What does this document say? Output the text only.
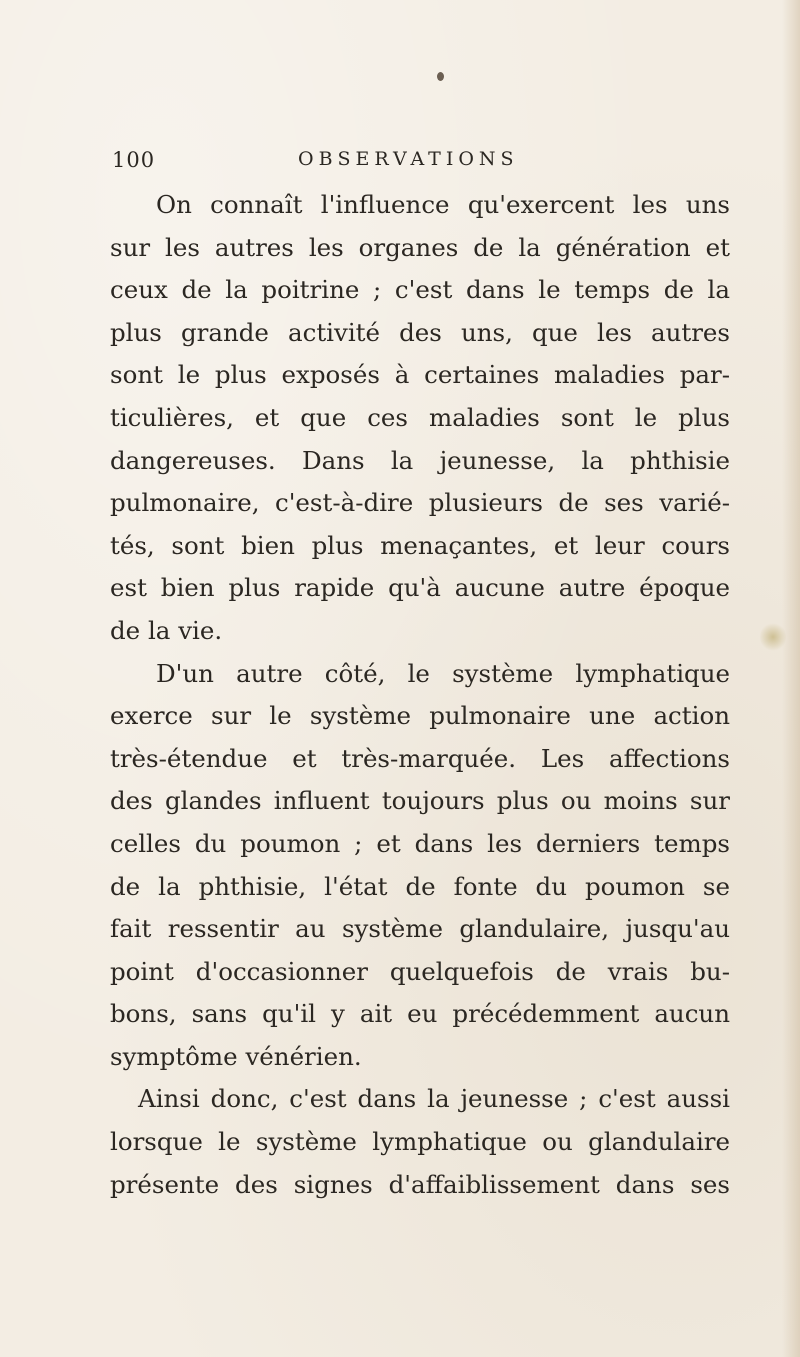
100	OBSERVATIONS
On connaît l'influence qu'exercent les uns
sur les autres les organes de la génération et
ceux de la poitrine ; c'est dans le temps de la
plus grande activité des uns, que les autres
sont le plus exposés à certaines maladies par-
ticulières, et que ces maladies sont le plus
dangereuses. Dans la jeunesse, la phthisie
pulmonaire, c'est-à-dire plusieurs de ses varié-
tés, sont bien plus menaçantes, et leur cours
est bien plus rapide qu'à aucune autre époque
de la vie.
D'un autre côté, le système lymphatique
exerce sur le système pulmonaire une action
très-étendue et très-marquée. Les affections
des glandes influent toujours plus ou moins sur
celles du poumon ; et dans les derniers temps
de la phthisie, l'état de fonte du poumon se
fait ressentir au système glandulaire, jusqu'au
point d'occasionner quelquefois de vrais bu-
bons, sans qu'il y ait eu précédemment aucun
symptôme vénérien.
Ainsi donc, c'est dans la jeunesse ; c'est aussi
lorsque le système lymphatique ou glandulaire
présente des signes d'affaiblissement dans ses
